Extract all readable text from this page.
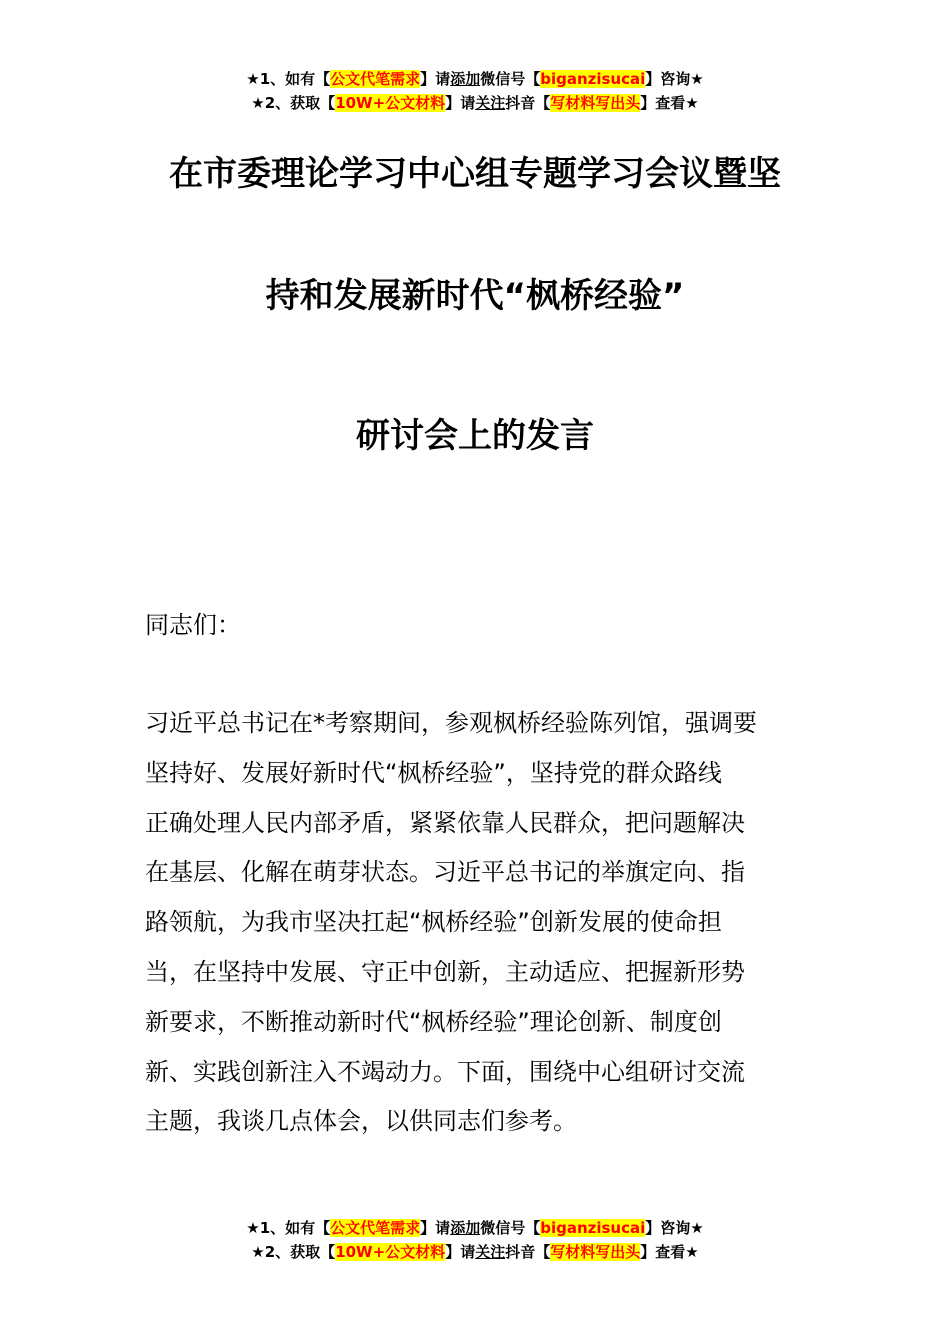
★1、如有【公文代笔需求】请添加微信号【biganzisucai】咨询★
★2、获取【10W+公文材料】请关注抖音【写材料写出头】查看★
在市委理论学习中心组专题学习会议暨坚
持和发展新时代“枫桥经验”
研讨会上的发言
同志们：
习近平总书记在*考察期间，参观枫桥经验陈列馆，强调要
坚持好、发展好新时代“枫桥经验”，坚持党的群众路线
正确处理人民内部矛盾，紧紧依靠人民群众，把问题解决
在基层、化解在萌芽状态。习近平总书记的举旗定向、指
路领航，为我市坚决扛起“枫桥经验”创新发展的使命担
当，在坚持中发展、守正中创新，主动适应、把握新形势
新要求，不断推动新时代“枫桥经验”理论创新、制度创
新、实践创新注入不竭动力。下面，围绕中心组研讨交流
主题，我谈几点体会，以供同志们参考。
★1、如有【公文代笔需求】请添加微信号【biganzisucai】咨询★
★2、获取【10W+公文材料】请关注抖音【写材料写出头】查看★
